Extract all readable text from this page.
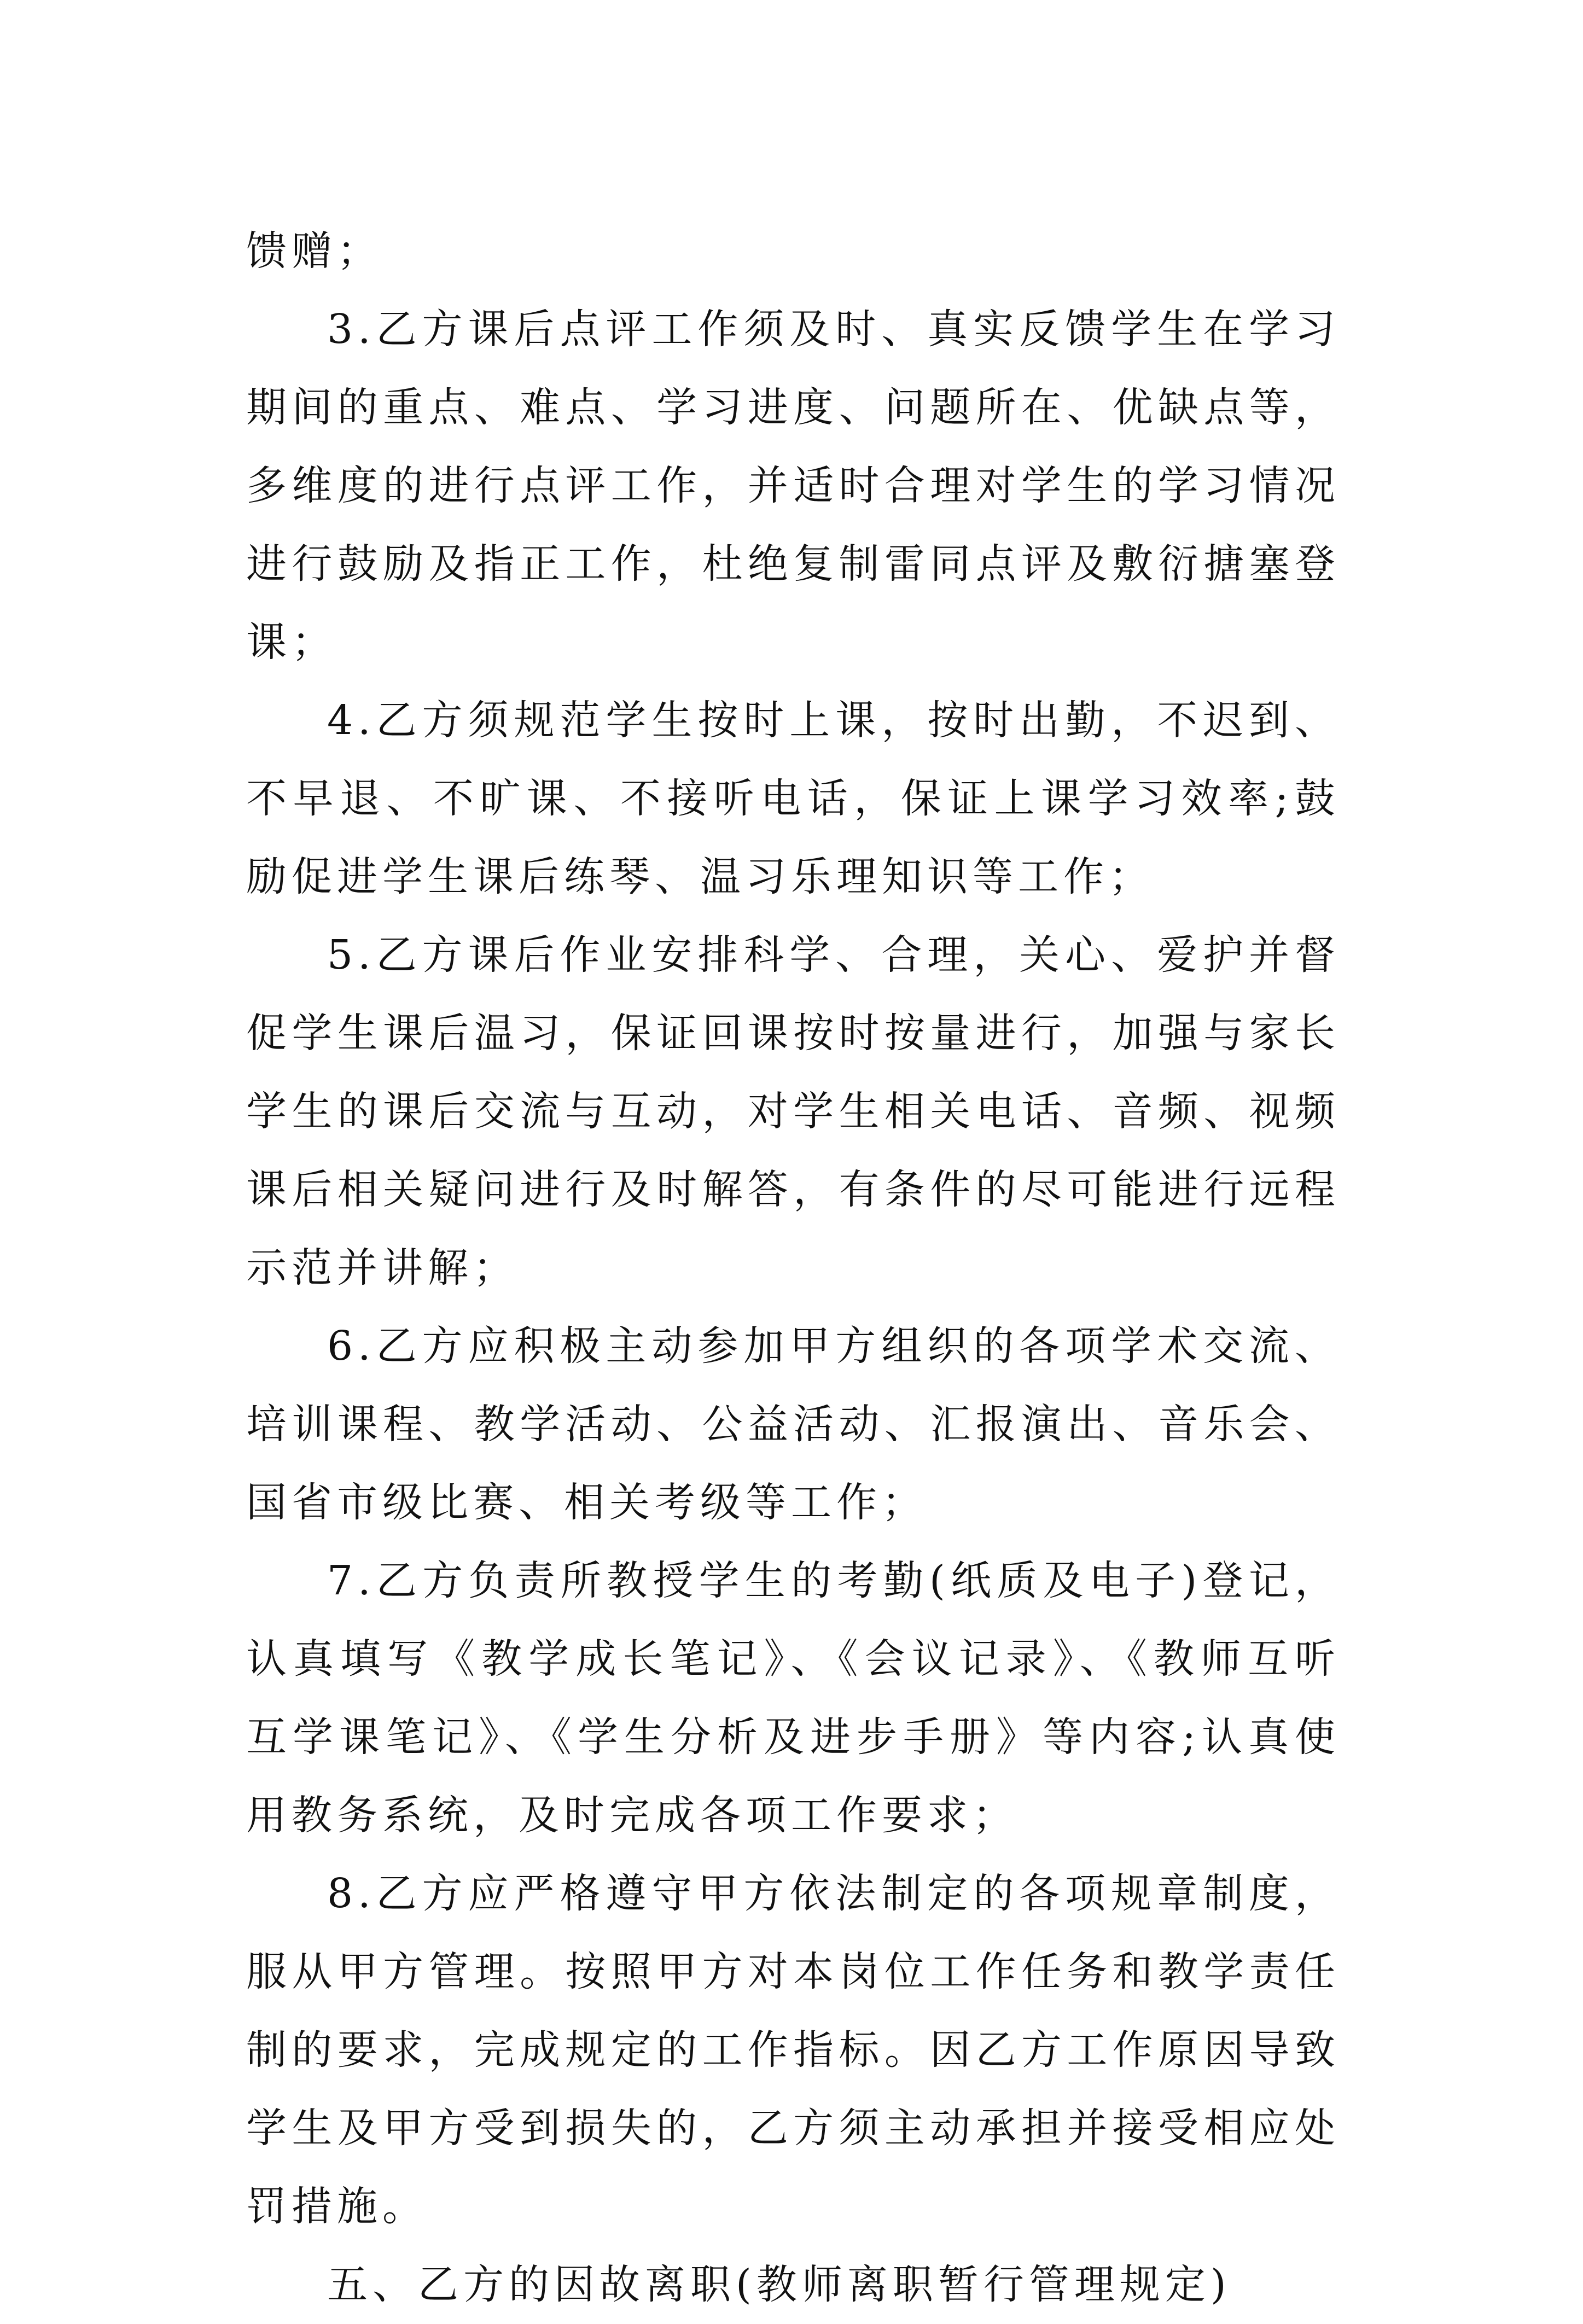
馈赠；

3.乙方课后点评工作须及时、真实反馈学生在学习期间的重点、难点、学习进度、问题所在、优缺点等，多维度的进行点评工作，并适时合理对学生的学习情况进行鼓励及指正工作，杜绝复制雷同点评及敷衍搪塞登课；

4.乙方须规范学生按时上课，按时出勤，不迟到、不早退、不旷课、不接听电话，保证上课学习效率;鼓励促进学生课后练琴、温习乐理知识等工作；

5.乙方课后作业安排科学、合理，关心、爱护并督促学生课后温习，保证回课按时按量进行，加强与家长学生的课后交流与互动，对学生相关电话、音频、视频课后相关疑问进行及时解答，有条件的尽可能进行远程示范并讲解；

6.乙方应积极主动参加甲方组织的各项学术交流、培训课程、教学活动、公益活动、汇报演出、音乐会、国省市级比赛、相关考级等工作；

7.乙方负责所教授学生的考勤(纸质及电子)登记，认真填写《教学成长笔记》、《会议记录》、《教师互听互学课笔记》、《学生分析及进步手册》等内容;认真使用教务系统，及时完成各项工作要求；

8.乙方应严格遵守甲方依法制定的各项规章制度，服从甲方管理。按照甲方对本岗位工作任务和教学责任制的要求，完成规定的工作指标。因乙方工作原因导致学生及甲方受到损失的，乙方须主动承担并接受相应处罚措施。

五、乙方的因故离职(教师离职暂行管理规定)
